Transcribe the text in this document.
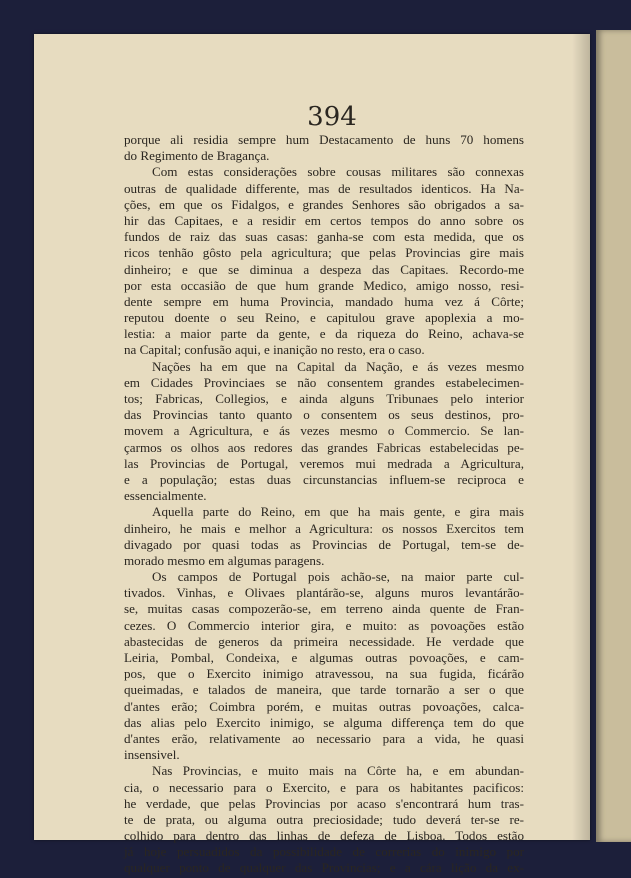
394
porque ali residia sempre hum Destacamento de huns 70 homens
do Regimento de Bragança.
Com estas considerações sobre cousas militares são connexas
outras de qualidade differente, mas de resultados identicos. Ha Na-
ções, em que os Fidalgos, e grandes Senhores são obrigados a sa-
hir das Capitaes, e a residir em certos tempos do anno sobre os
fundos de raiz das suas casas: ganha-se com esta medida, que os
ricos tenhão gôsto pela agricultura; que pelas Provincias gire mais
dinheiro; e que se diminua a despeza das Capitaes. Recordo-me
por esta occasião de que hum grande Medico, amigo nosso, resi-
dente sempre em huma Provincia, mandado huma vez á Côrte;
reputou doente o seu Reino, e capitulou grave apoplexia a mo-
lestia: a maior parte da gente, e da riqueza do Reino, achava-se
na Capital; confusão aqui, e inanição no resto, era o caso.
Nações ha em que na Capital da Nação, e ás vezes mesmo
em Cidades Provinciaes se não consentem grandes estabelecimen-
tos; Fabricas, Collegios, e ainda alguns Tribunaes pelo interior
das Provincias tanto quanto o consentem os seus destinos, pro-
movem a Agricultura, e ás vezes mesmo o Commercio. Se lan-
çarmos os olhos aos redores das grandes Fabricas estabelecidas pe-
las Provincias de Portugal, veremos mui medrada a Agricultura,
e a população; estas duas circunstancias influem-se reciproca e
essencialmente.
Aquella parte do Reino, em que ha mais gente, e gira mais
dinheiro, he mais e melhor a Agricultura: os nossos Exercitos tem
divagado por quasi todas as Provincias de Portugal, tem-se de-
morado mesmo em algumas paragens.
Os campos de Portugal pois achão-se, na maior parte cul-
tivados. Vinhas, e Olivaes plantárão-se, alguns muros levantárão-
se, muitas casas compozerão-se, em terreno ainda quente de Fran-
cezes. O Commercio interior gira, e muito: as povoações estão
abastecidas de generos da primeira necessidade. He verdade que
Leiria, Pombal, Condeixa, e algumas outras povoações, e cam-
pos, que o Exercito inimigo atravessou, na sua fugida, ficárão
queimadas, e talados de maneira, que tarde tornarão a ser o que
d'antes erão; Coimbra porém, e muitas outras povoações, calca-
das alias pelo Exercito inimigo, se alguma differença tem do que
d'antes erão, relativamente ao necessario para a vida, he quasi
insensivel.
Nas Provincias, e muito mais na Côrte ha, e em abundan-
cia, o necessario para o Exercito, e para os habitantes pacificos:
he verdade, que pelas Provincias por acaso s'encontrará hum tras-
te de prata, ou alguma outra preciosidade; tudo deverá ter-se re-
colhido para dentro das linhas de defeza de Lisboa. Todos estão
já hoje persuadidos da possibilidade de correrias do inimigo por
qualquer ponto de qualquer das Provincias; e a cára lição da ex-
